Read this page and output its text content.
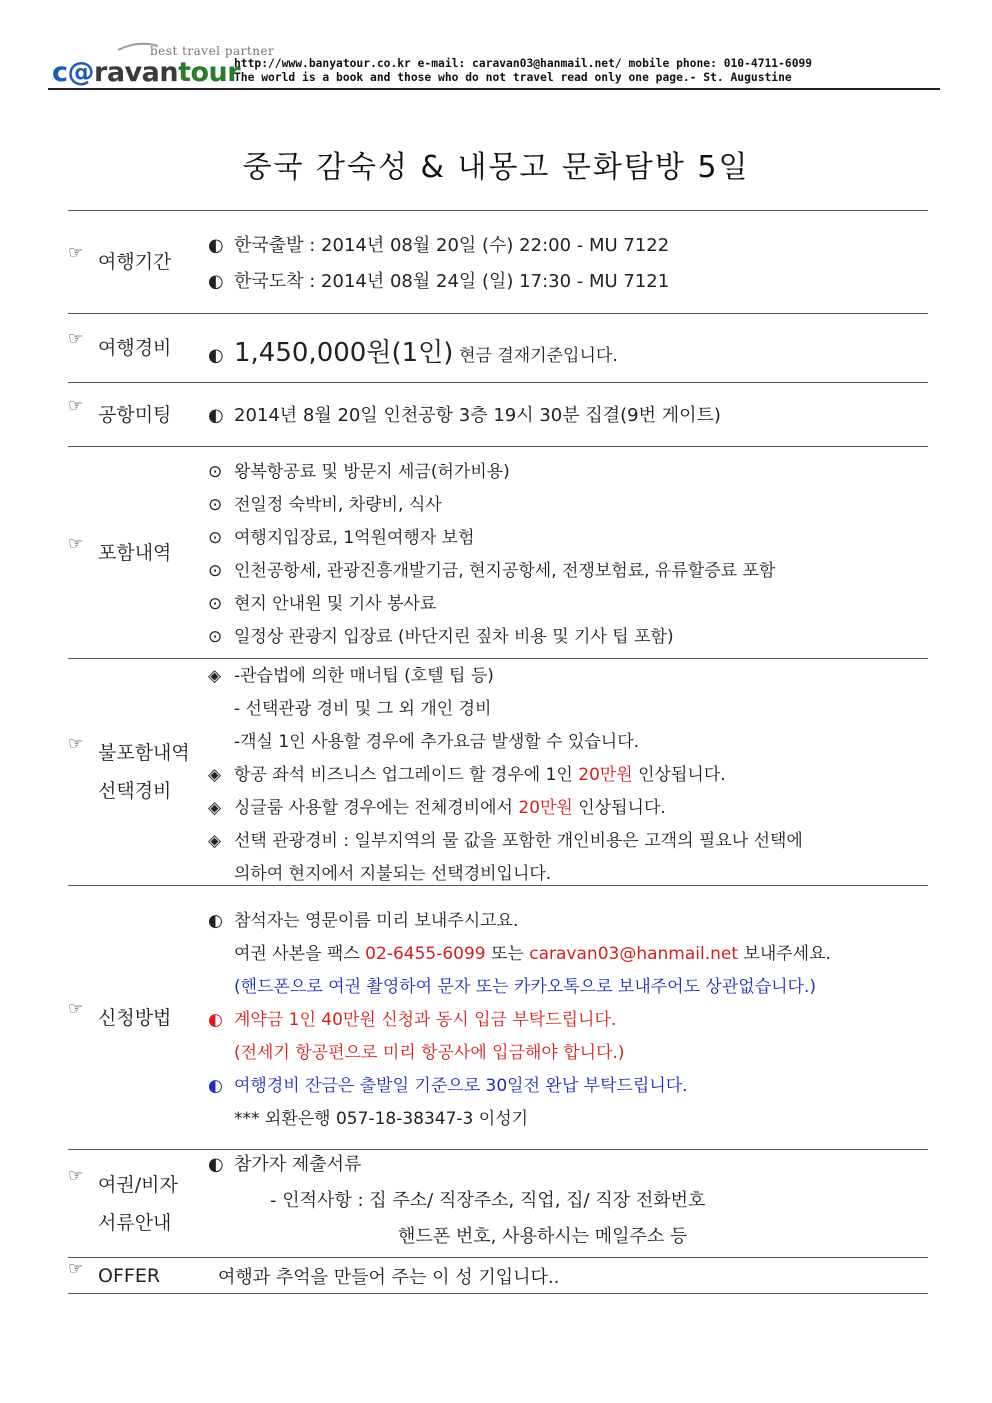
best travel partner
c@ravantour
http://www.banyatour.co.kr e-mail: caravan03@hanmail.net/ mobile phone: 010-4711-6099
The world is a book and those who do not travel read only one page.- St. Augustine
중국 감숙성 & 내몽고 문화탐방 5일
☞ 여행기간
◐ 한국출발 : 2014년 08월 20일 (수) 22:00 - MU 7122
◐ 한국도착 : 2014년 08월 24일 (일) 17:30 - MU 7121
☞ 여행경비 ◐ 1,450,000원(1인) 현금 결재기준입니다.
☞ 공항미팅 ◐ 2014년 8월 20일 인천공항 3층 19시 30분 집결(9번 게이트)
☞ 포함내역
⊙ 왕복항공료 및 방문지 세금(허가비용)
⊙ 전일정 숙박비, 차량비, 식사
⊙ 여행지입장료, 1억원여행자 보험
⊙ 인천공항세, 관광진흥개발기금, 현지공항세, 전쟁보험료, 유류할증료 포함
⊙ 현지 안내원 및 기사 봉사료
⊙ 일정상 관광지 입장료 (바단지린 짚차 비용 및 기사 팁 포함)
☞ 불포함내역
선택경비
◈ -관습법에 의한 매너팁 (호텔 팁 등)
- 선택관광 경비 및 그 외 개인 경비
-객실 1인 사용할 경우에 추가요금 발생할 수 있습니다.
◈ 항공 좌석 비즈니스 업그레이드 할 경우에 1인 20만원 인상됩니다.
◈ 싱글룸 사용할 경우에는 전체경비에서 20만원 인상됩니다.
◈ 선택 관광경비 : 일부지역의 물 값을 포함한 개인비용은 고객의 필요나 선택에
의하여 현지에서 지불되는 선택경비입니다.
☞ 신청방법
◐ 참석자는 영문이름 미리 보내주시고요.
여권 사본을 팩스 02-6455-6099 또는 caravan03@hanmail.net 보내주세요.
(핸드폰으로 여권 촬영하여 문자 또는 카카오톡으로 보내주어도 상관없습니다.)
◐ 계약금 1인 40만원 신청과 동시 입금 부탁드립니다.
(전세기 항공편으로 미리 항공사에 입금해야 합니다.)
◐ 여행경비 잔금은 출발일 기준으로 30일전 완납 부탁드립니다.
*** 외환은행 057-18-38347-3 이성기
☞ 여권/비자
서류안내
◐ 참가자 제출서류
- 인적사항 : 집 주소/ 직장주소, 직업, 집/ 직장 전화번호
핸드폰 번호, 사용하시는 메일주소 등
☞ OFFER	여행과 추억을 만들어 주는 이 성 기입니다..
